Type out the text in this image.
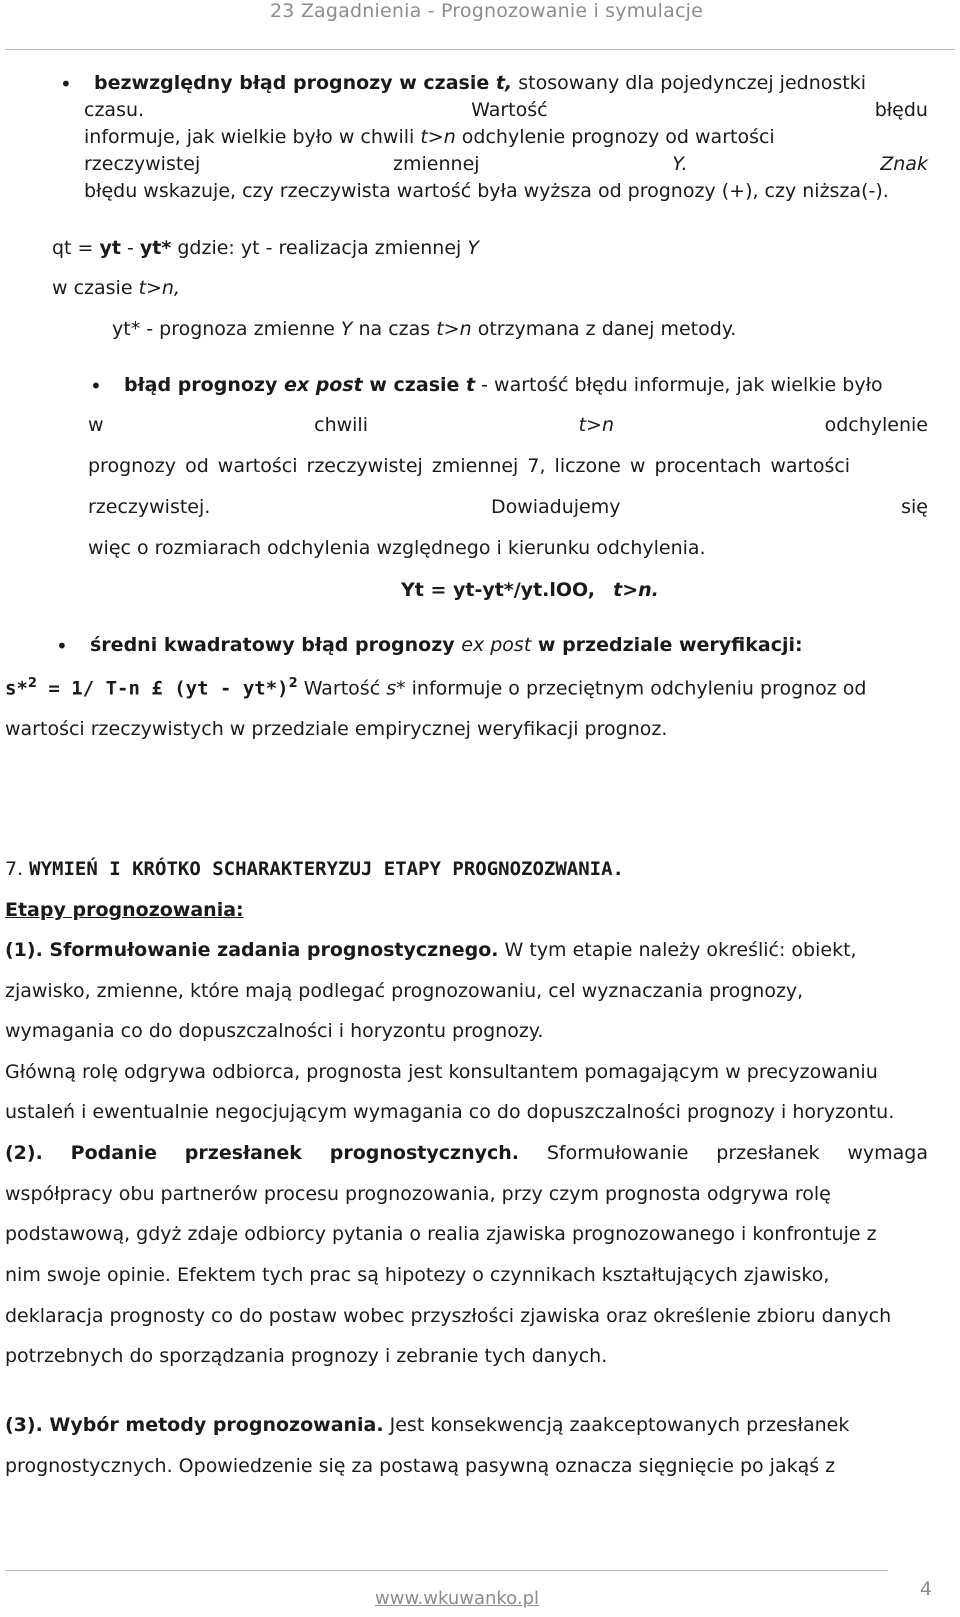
23 Zagadnienia - Prognozowanie i symulacje
• bezwzględny błąd prognozy w czasie t, stosowany dla pojedynczej jednostki
czasu.	Wartość	błędu
informuje, jak wielkie było w chwili t>n odchylenie prognozy od wartości
rzeczywistej	zmiennej	Y.	Znak
błędu wskazuje, czy rzeczywista wartość była wyższa od prognozy (+), czy niższa(-).
qt = yt - yt* gdzie: yt - realizacja zmiennej Y
w czasie t>n,
yt* - prognoza zmienne Y na czas t>n otrzymana z danej metody.
• błąd prognozy ex post w czasie t - wartość błędu informuje, jak wielkie było
w	chwili	t>n	odchylenie
prognozy od wartości rzeczywistej zmiennej 7, liczone w procentach wartości
rzeczywistej.	Dowiadujemy	się
więc o rozmiarach odchylenia względnego i kierunku odchylenia.
Yt = yt-yt*/yt.lOO, t>n.
• średni kwadratowy błąd prognozy ex post w przedziale weryfikacji:
s*$^2$ = 1/ T-n £ (yt - yt*)$^2$ Wartość s* informuje o przeciętnym odchyleniu prognoz od
wartości rzeczywistych w przedziale empirycznej weryfikacji prognoz.
7. WYMIEŃ I KRÓTKO SCHARAKTERYZUJ ETAPY PROGNOZOZWANIA.
Etapy prognozowania:
(1). Sformułowanie zadania prognostycznego. W tym etapie należy określić: obiekt,
zjawisko, zmienne, które mają podlegać prognozowaniu, cel wyznaczania prognozy,
wymagania co do dopuszczalności i horyzontu prognozy.
Główną rolę odgrywa odbiorca, prognosta jest konsultantem pomagającym w precyzowaniu
ustaleń i ewentualnie negocjującym wymagania co do dopuszczalności prognozy i horyzontu.
(2). Podanie przesłanek prognostycznych. Sformułowanie przesłanek wymaga
współpracy obu partnerów procesu prognozowania, przy czym prognosta odgrywa rolę
podstawową, gdyż zdaje odbiorcy pytania o realia zjawiska prognozowanego i konfrontuje z
nim swoje opinie. Efektem tych prac są hipotezy o czynnikach kształtujących zjawisko,
deklaracja prognosty co do postaw wobec przyszłości zjawiska oraz określenie zbioru danych
potrzebnych do sporządzania prognozy i zebranie tych danych.
(3). Wybór metody prognozowania. Jest konsekwencją zaakceptowanych przesłanek
prognostycznych. Opowiedzenie się za postawą pasywną oznacza sięgnięcie po jakąś z
www.wkuwanko.pl	4
